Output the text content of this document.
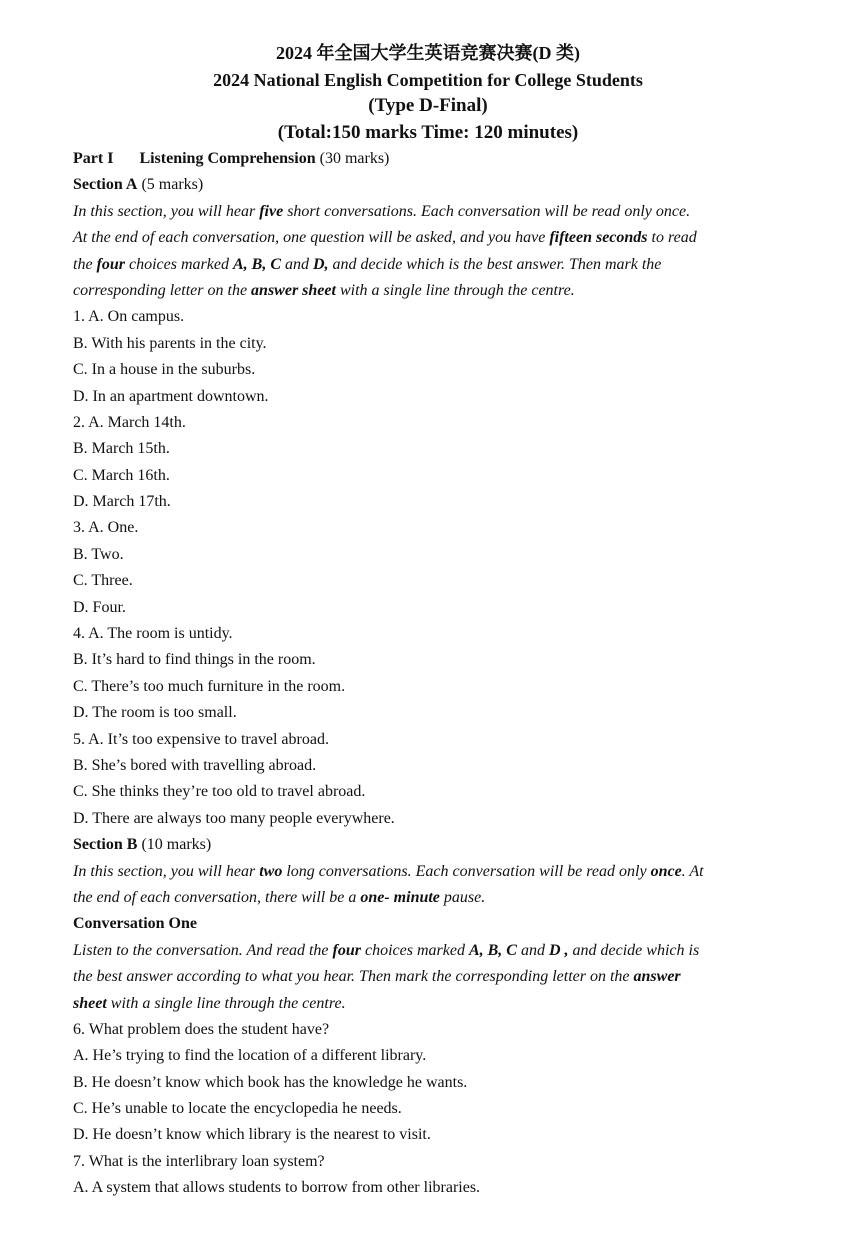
2024 年全国大学生英语竞赛决赛(D 类)
2024 National English Competition for College Students
(Type D-Final)
(Total:150 marks Time: 120 minutes)
Part I Listening Comprehension (30 marks)
Section A (5 marks)
In this section, you will hear five short conversations. Each conversation will be read only once.
At the end of each conversation, one question will be asked, and you have fifteen seconds to read
the four choices marked A, B, C and D, and decide which is the best answer. Then mark the
corresponding letter on the answer sheet with a single line through the centre.
1. A. On campus.
B. With his parents in the city.
C. In a house in the suburbs.
D. In an apartment downtown.
2. A. March 14th.
B. March 15th.
C. March 16th.
D. March 17th.
3. A. One.
B. Two.
C. Three.
D. Four.
4. A. The room is untidy.
B. It’s hard to find things in the room.
C. There’s too much furniture in the room.
D. The room is too small.
5. A. It’s too expensive to travel abroad.
B. She’s bored with travelling abroad.
C. She thinks they’re too old to travel abroad.
D. There are always too many people everywhere.
Section B (10 marks)
In this section, you will hear two long conversations. Each conversation will be read only once. At
the end of each conversation, there will be a one- minute pause.
Conversation One
Listen to the conversation. And read the four choices marked A, B, C and D , and decide which is
the best answer according to what you hear. Then mark the corresponding letter on the answer
sheet with a single line through the centre.
6. What problem does the student have?
A. He’s trying to find the location of a different library.
B. He doesn’t know which book has the knowledge he wants.
C. He’s unable to locate the encyclopedia he needs.
D. He doesn’t know which library is the nearest to visit.
7. What is the interlibrary loan system?
A. A system that allows students to borrow from other libraries.
